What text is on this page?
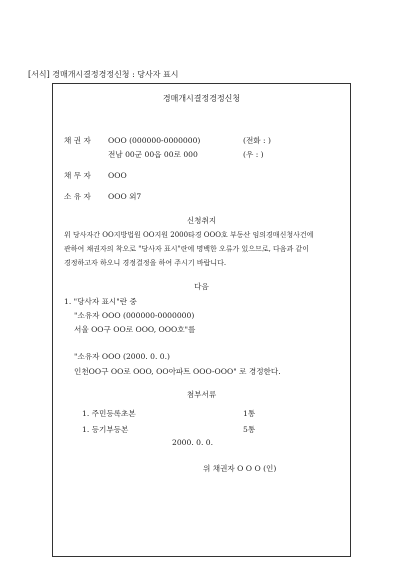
[서식] 경매개시결정경정신청 : 당사자 표시
경매개시결정경정신청
채 권 자 OOO (000000-0000000)	(전화 : )
전남 00군 00읍 00로 000	(우 : )
채 무 자 OOO
소 유 자 OOO 외7
신청취지
위 당사자간 OO지방법원 OO지원 2000타경 OOO호 부동산 임의경매신청사건에
관하여 채권자의 착오로 "당사자 표시"란에 명백한 오류가 있으므로, 다음과 같이
경정하고자 하오니 경정결정을 하여 주시기 바랍니다.
다음
1. "당사자 표시"란 중
"소유자 OOO (000000-0000000)
서울 OO구 OO로 OOO, OOO호"를
"소유자 OOO (2000. 0. 0.)
인천OO구 OO로 OOO, OO아파트 OOO-OOO" 로 경정한다.
첨부서류
1. 주민등록초본	1통
1. 등기부등본	5통
2000. 0. 0.
위 채권자 O O O (인)
